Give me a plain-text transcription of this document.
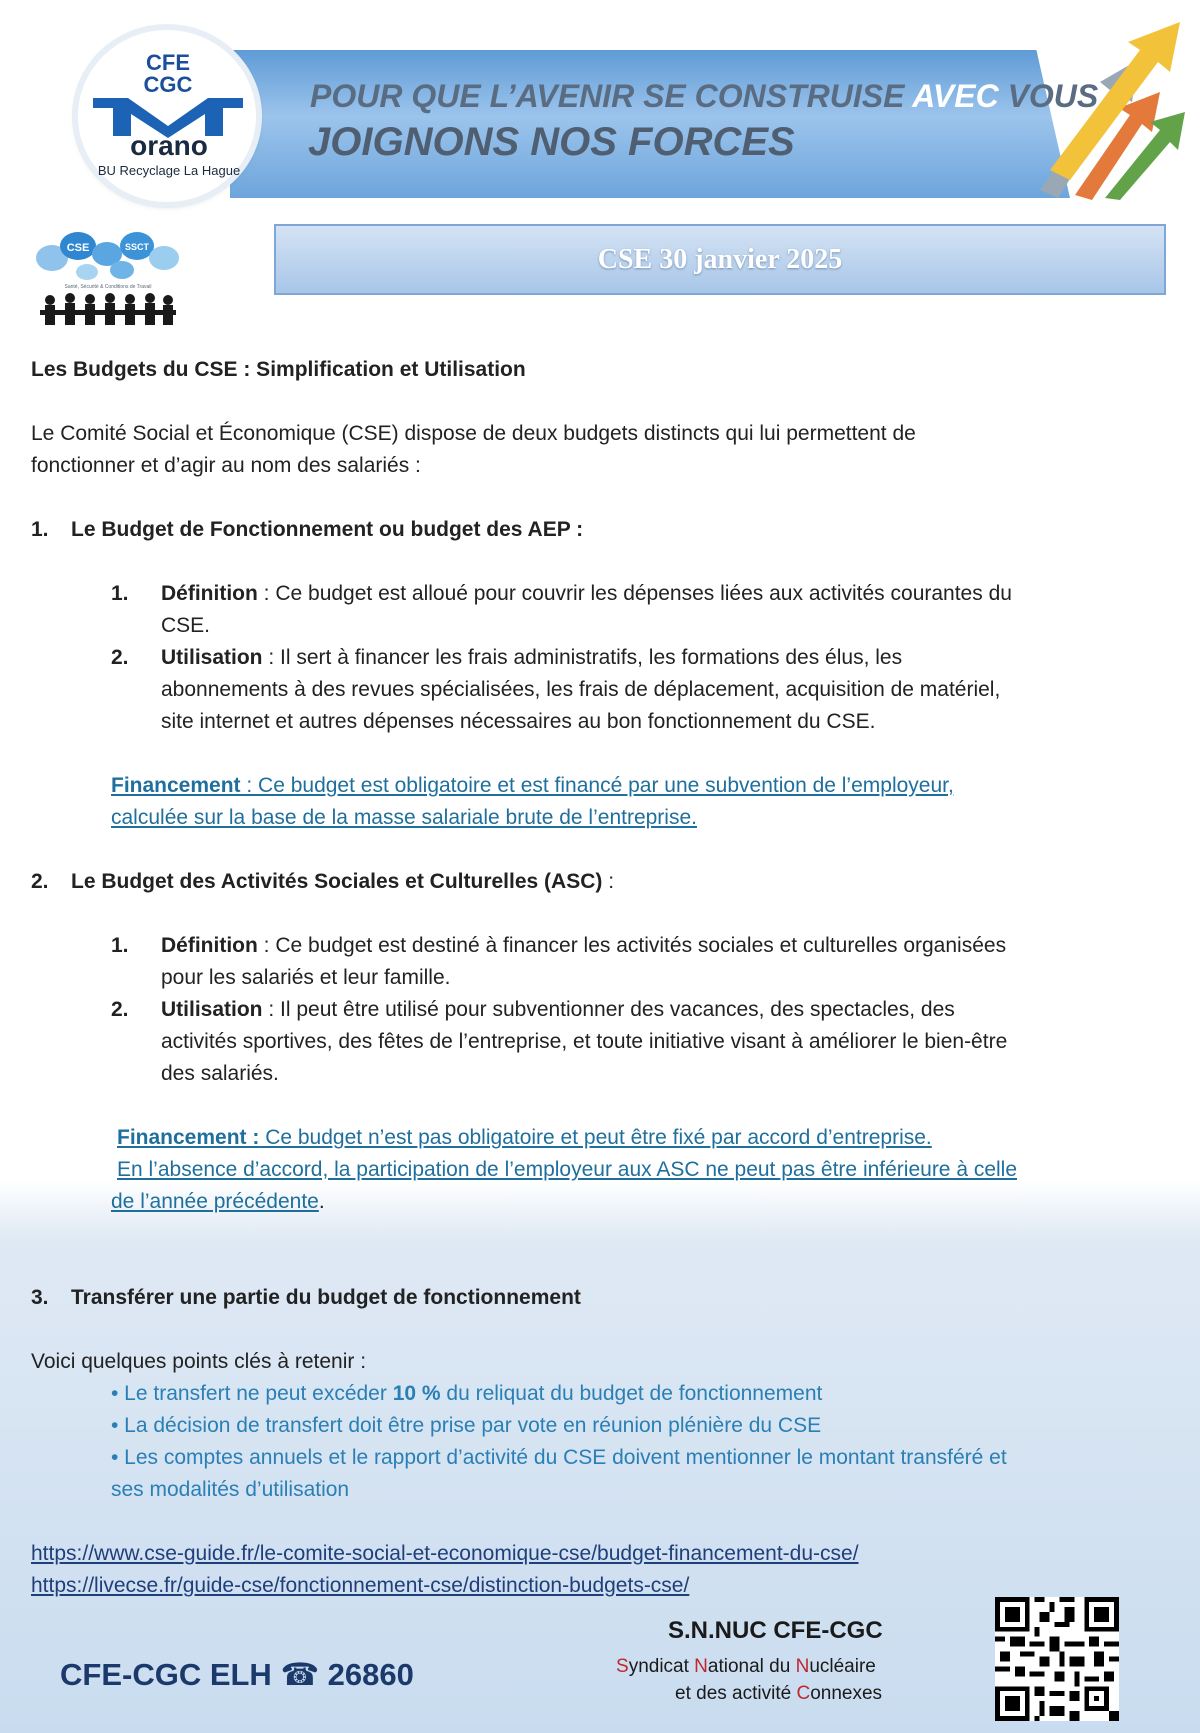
POUR QUE L’AVENIR SE CONSTRUISE AVEC VOUS
JOIGNONS NOS FORCES
CFE CGC
orano
BU Recyclage La Hague
CSE	SSCT
Santé, Sécurité & Conditions de Travail
CSE 30 janvier 2025
Les Budgets du CSE : Simplification et Utilisation
Le Comité Social et Économique (CSE) dispose de deux budgets distincts qui lui permettent de
fonctionner et d’agir au nom des salariés :
1. Le Budget de Fonctionnement ou budget des AEP :
1. Définition : Ce budget est alloué pour couvrir les dépenses liées aux activités courantes du
CSE.
2. Utilisation : Il sert à financer les frais administratifs, les formations des élus, les
abonnements à des revues spécialisées, les frais de déplacement, acquisition de matériel,
site internet et autres dépenses nécessaires au bon fonctionnement du CSE.
Financement : Ce budget est obligatoire et est financé par une subvention de l’employeur,
calculée sur la base de la masse salariale brute de l’entreprise.
2. Le Budget des Activités Sociales et Culturelles (ASC) :
1. Définition : Ce budget est destiné à financer les activités sociales et culturelles organisées
pour les salariés et leur famille.
2. Utilisation : Il peut être utilisé pour subventionner des vacances, des spectacles, des
activités sportives, des fêtes de l’entreprise, et toute initiative visant à améliorer le bien-être
des salariés.
Financement : Ce budget n’est pas obligatoire et peut être fixé par accord d’entreprise.
En l’absence d’accord, la participation de l’employeur aux ASC ne peut pas être inférieure à celle
de l’année précédente.
3. Transférer une partie du budget de fonctionnement
Voici quelques points clés à retenir :
• Le transfert ne peut excéder 10 % du reliquat du budget de fonctionnement
• La décision de transfert doit être prise par vote en réunion plénière du CSE
• Les comptes annuels et le rapport d’activité du CSE doivent mentionner le montant transféré et
ses modalités d’utilisation
https://www.cse-guide.fr/le-comite-social-et-economique-cse/budget-financement-du-cse/
https://livecse.fr/guide-cse/fonctionnement-cse/distinction-budgets-cse/
CFE-CGC ELH ☎ 26860
S.N.NUC CFE-CGC
Syndicat National du Nucléaire
et des activité Connexes
